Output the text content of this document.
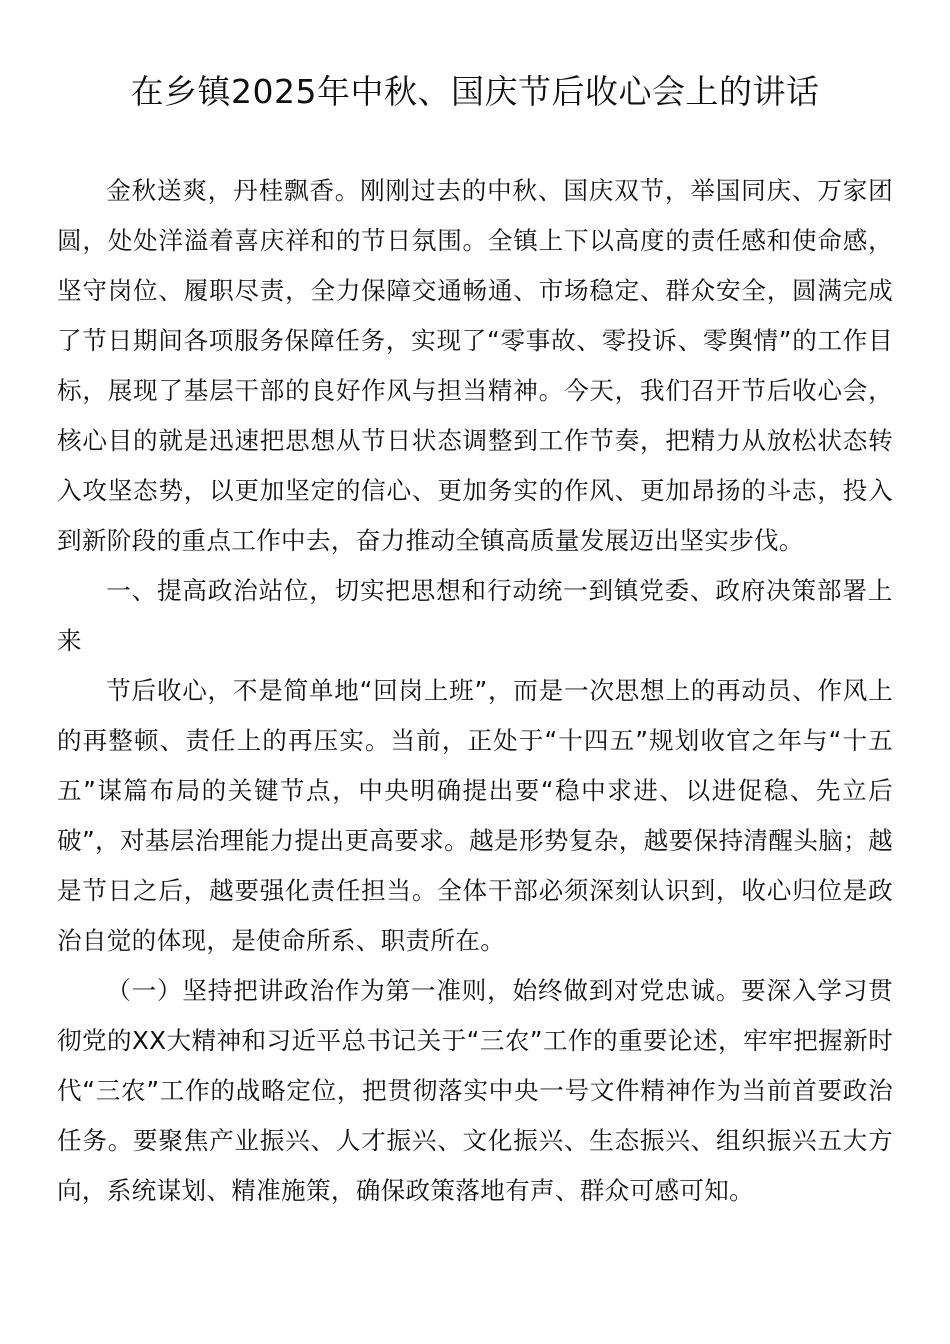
在乡镇2025年中秋、国庆节后收心会上的讲话

金秋送爽，丹桂飘香。刚刚过去的中秋、国庆双节，举国同庆、万家团圆，处处洋溢着喜庆祥和的节日氛围。全镇上下以高度的责任感和使命感，坚守岗位、履职尽责，全力保障交通畅通、市场稳定、群众安全，圆满完成了节日期间各项服务保障任务，实现了“零事故、零投诉、零舆情”的工作目标，展现了基层干部的良好作风与担当精神。今天，我们召开节后收心会，核心目的就是迅速把思想从节日状态调整到工作节奏，把精力从放松状态转入攻坚态势，以更加坚定的信心、更加务实的作风、更加昂扬的斗志，投入到新阶段的重点工作中去，奋力推动全镇高质量发展迈出坚实步伐。

一、提高政治站位，切实把思想和行动统一到镇党委、政府决策部署上来

节后收心，不是简单地“回岗上班”，而是一次思想上的再动员、作风上的再整顿、责任上的再压实。当前，正处于“十四五”规划收官之年与“十五五”谋篇布局的关键节点，中央明确提出要“稳中求进、以进促稳、先立后破”，对基层治理能力提出更高要求。越是形势复杂，越要保持清醒头脑；越是节日之后，越要强化责任担当。全体干部必须深刻认识到，收心归位是政治自觉的体现，是使命所系、职责所在。

（一）坚持把讲政治作为第一准则，始终做到对党忠诚。要深入学习贯彻党的XX大精神和习近平总书记关于“三农”工作的重要论述，牢牢把握新时代“三农”工作的战略定位，把贯彻落实中央一号文件精神作为当前首要政治任务。要聚焦产业振兴、人才振兴、文化振兴、生态振兴、组织振兴五大方向，系统谋划、精准施策，确保政策落地有声、群众可感可知。
